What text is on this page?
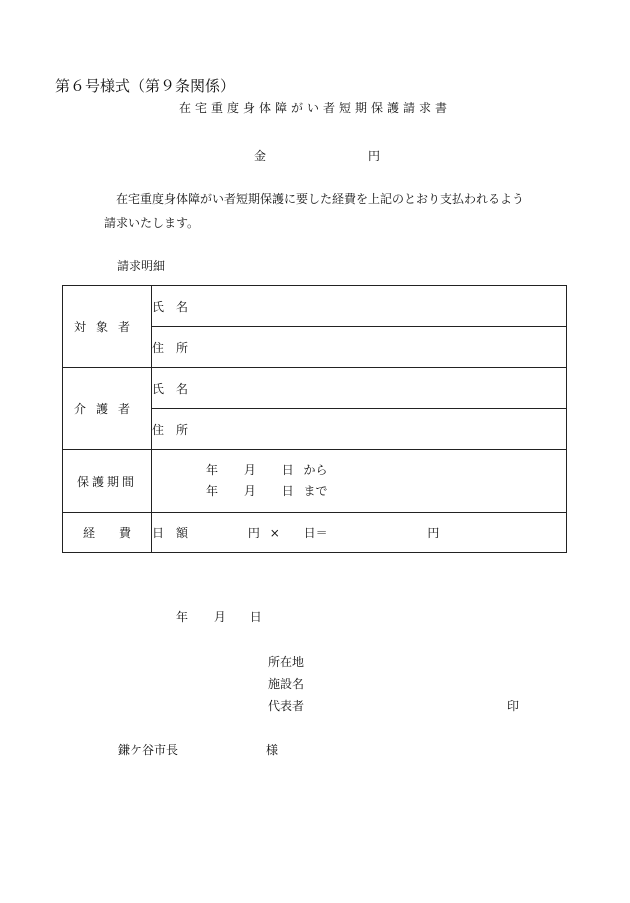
第６号様式（第９条関係）
在宅重度身体障がい者短期保護請求書
金	円
在宅重度身体障がい者短期保護に要した経費を上記のとおり支払われるよう請求いたします。
請求明細
対象者	氏　名
	住　所
介護者	氏　名
	住　所
保護期間	年 月 日 から
年 月 日 まで

経　　費	日　額 円 × 日＝ 円
年 月 日
所在地
施設名
代表者	印
鎌ケ谷市長	様
